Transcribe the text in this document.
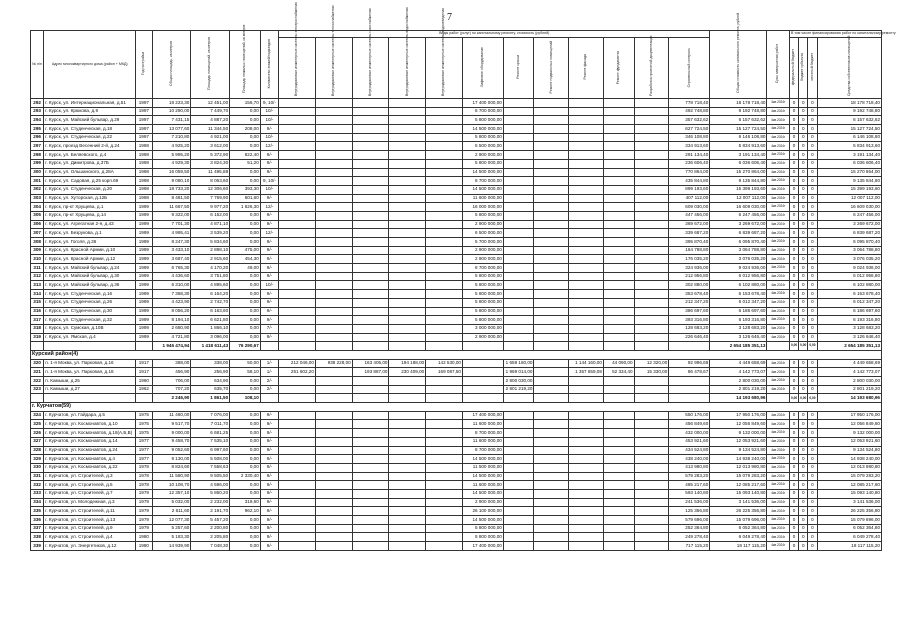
7
№ п/п	Адрес многоквартирного дома (район + МКД)	Год постройки	Общая площадь, кв.метров	Площадь помещений, кв.метров	Площадь нежилых помещений, кв.метров	Количество этажей/подъездов	Виды работ (услуг) по капитальному ремонту, стоимость (рублей)												Общая стоимость капитального ремонта, рублей	Срок завершения работ	В том числе финансирования работ по капитальному ремонту			
							Внутридомовые инженерные системы электроснабжения	Внутридомовые инженерные системы теплоснабжения	Внутридомовые инженерные системы газоснабжения	Внутридомовые инженерные системы водоснабжения	Внутридомовые инженерные системы водоотведения	Лифтовое оборудование	Ремонт крыши	Ремонт подвальных помещений	Ремонт фасада	Ремонт фундамента	Разработка проектной документации	Строительный контроль			федеральный бюджет	бюджет субъекта	местный бюджет	Средства собственников помещений
292	г. Курск, ул. Интернациональная, д.51	1997	18 223,30	12 451,00	156,70	9, 10/-						17 400 000,00						778 718,40	18 178 718,40	4кв.2024г	0	0	0	18 178 718,40
293	г. Курск, ул. Крюкова, д.9	1997	10 290,00	7 449,70	0,00	10/-						8 700 000,00						492 748,80	9 192 748,80	4кв.2024г	0	0	0	9 192 748,80
294	г. Курск, ул. Майский бульвар, д.29	1997	7 431,15	4 887,20	0,00	10/-						5 800 000,00						357 632,62	6 157 632,62	4кв.2024г	0	0	0	6 157 632,62
295	г. Курск, ул. Студенческая, д.18	1997	13 077,60	11 344,50	208,00	9/-						14 500 000,00						627 724,50	15 127 724,50	4кв.2024г	0	0	0	15 127 724,50
296	г. Курск, ул. Студенческая, д.22	1997	7 210,80	4 921,00	0,00	10/-						5 800 000,00						346 108,80	6 146 108,80	4кв.2024г	0	0	0	6 146 108,80
297	г. Курск, проезд Весенний 2-й, д.24	1998	4 925,20	3 612,00	0,00	12/-						5 500 000,00						334 913,60	5 834 913,60	4кв.2024г	0	0	0	5 834 913,60
298	г. Курск, ул. Беляевского, д.4	1998	5 995,20	5 372,90	822,40	9/-						2 900 000,00						291 134,40	3 191 134,40	4кв.2024г	0	0	0	3 191 134,40
299	г. Курск, ул. Димитрова, д.37Б	1998	4 929,30	3 824,30	51,20	9/-						5 800 000,00						236 606,40	6 036 606,40	4кв.2024г	0	0	0	6 036 606,40
300	г. Курск, ул. Ольшанского, д.28А	1998	16 059,50	11 495,88	0,00	9/-						14 500 000,00						770 864,00	15 270 864,00	4кв.2024г	0	0	0	15 270 864,00
301	г. Курск, ул. Садовая, д.25 корп.69	1998	9 080,10	8 063,60	0,00	9, 10/-						8 700 000,00						435 844,80	9 135 844,80	4кв.2024г	0	0	0	9 135 844,80
302	г. Курск, ул. Студенческая, д.20	1998	18 733,20	12 306,60	393,30	10/-						14 500 000,00						899 193,60	15 399 193,60	4кв.2024г	0	0	0	15 399 193,60
303	г. Курск, ул. Хуторская, д.12Б	1998	8 481,50	7 769,90	601,60	9/-						11 600 000,00						407 112,00	12 007 112,00	4кв.2024г	0	0	0	12 007 112,00
304	г. Курск, пр-кт Хрущева, д.1	1999	11 667,50	9 977,20	1 626,30	12/-						16 000 000,00						609 030,00	16 609 030,00	4кв.2024г	0	0	0	16 609 030,00
305	г. Курск, пр-кт Хрущева, д.14	1999	9 322,00	6 152,00	0,00	9/-						5 800 000,00						447 456,00	6 247 456,00	4кв.2024г	0	0	0	6 247 456,00
306	г. Курск, ул. Агрегатная 2-я, д.43	1999	7 701,30	4 871,10	0,00	9/-						2 900 000,00						369 672,00	3 269 672,00	4кв.2024г	0	0	0	3 269 672,00
307	г. Курск, ул. Безрукова, д.1	1999	4 995,41	3 539,20	0,00	12/-						6 500 000,00						339 687,20	6 839 687,20	4кв.2024г	0	0	0	6 839 687,20
308	г. Курск, ул. Гоголя, д.36	1999	8 247,30	5 834,60	0,00	9/-						5 700 000,00						395 870,40	6 095 870,40	4кв.2024г	0	0	0	6 095 870,40
309	г. Курск, ул. Красной Армии, д.10	1999	3 433,10	2 898,10	475,00	9/-						2 900 000,00						164 788,80	3 064 788,80	4кв.2024г	0	0	0	3 064 788,80
310	г. Курск, ул. Красной Армии, д.12	1999	3 687,40	2 915,60	454,30	9/-						2 900 000,00						176 035,20	3 076 035,20	4кв.2024г	0	0	0	3 076 035,20
311	г. Курск, ул. Майский бульвар, д.24	1999	6 765,30	4 170,20	49,00	9/-						8 700 000,00						324 936,00	9 024 936,00	4кв.2024г	0	0	0	9 024 936,00
312	г. Курск, ул. Майский бульвар, д.30	1999	4 436,60	3 751,80	0,00	9/-						5 800 000,00						212 956,80	6 012 956,80	4кв.2024г	0	0	0	6 012 956,80
313	г. Курск, ул. Майский бульвар, д.36	1999	6 310,00	4 895,60	0,00	10/-						5 800 000,00						302 880,00	6 102 880,00	4кв.2024г	0	0	0	6 102 880,00
314	г. Курск, ул. Студенческая, д.16	1999	7 368,30	6 164,20	0,00	9/-						5 800 000,00						353 678,40	6 153 678,40	4кв.2024г	0	0	0	6 153 678,40
315	г. Курск, ул. Студенческая, д.26	1999	4 423,90	2 742,70	0,00	9/-						5 800 000,00						212 347,20	6 012 347,20	4кв.2024г	0	0	0	6 012 347,20
316	г. Курск, ул. Студенческая, д.30	1999	8 056,20	6 163,60	0,00	9/-						5 800 000,00						386 697,60	6 186 697,60	4кв.2024г	0	0	0	6 186 697,60
317	г. Курск, ул. Студенческая, д.32	1999	8 194,10	6 621,80	0,00	9/-						5 800 000,00						393 316,80	6 193 316,80	4кв.2024г	0	0	0	6 193 316,80
318	г. Курск, ул. Сумская, д.10В	1999	2 680,90	1 866,10	0,00	7/-						3 000 000,00						128 683,20	3 128 683,20	4кв.2024г	0	0	0	3 128 683,20
319	г. Курск, ул. Ямская, д.4	1999	4 721,80	3 096,00	0,00	9/-						2 900 000,00						226 646,40	3 126 646,40	4кв.2024г	0	0	0	3 126 646,40
			1 946 474,94	1 418 611,43	76 290,67														2 654 185 351,13		0,00	0,00	0,00	2 654 185 351,13
Курский район(4)																								
320	п. 1-я Моква, ул. Парковая, д.16	1917	388,00	338,00	50,00	1/-	212 046,00	938 228,00	163 405,00	194 188,00	142 530,00		1 659 160,00		1 144 160,00	44 090,00	12 320,00	92 996,69	4 449 658,69	4кв.2024г	0	0	0	4 449 658,69
321	п. 1-я Моква, ул. Парковая, д.18	1917	456,90	256,90	58,10	1/-	251 602,20		193 887,00	230 409,00	169 087,50		1 969 014,00		1 357 659,08	52 334,40	15 330,00	86 478,67	4 142 773,07	4кв.2024г	0	0	0	4 142 773,07
322	п. Камыши, д.25	1960	706,00	634,90	0,00	2/-							2 800 030,00						2 800 030,00	4кв.2024г	0	0	0	2 800 030,00
323	п. Камыши, д.27	1962	707,20	635,70	0,00	2/-							2 801 219,20						2 801 219,20	4кв.2024г	0	0	0	2 801 219,20
			2 246,90	1 861,50	108,10														14 193 680,96		0,00	0,00	0,00	14 193 680,96
г. Курчатов(59)																								
324	г. Курчатов, ул. Гайдара, д.5	1975	11 460,00	7 076,00	0,00	9/-						17 400 000,00						550 176,00	17 950 176,00	4кв.2024г	0	0	0	17 950 176,00
325	г. Курчатов, ул. Космонавтов, д.10	1975	9 517,70	7 011,70	0,00	9/-						11 600 000,00						456 849,60	12 056 849,60	4кв.2024г	0	0	0	12 056 849,60
326	г. Курчатов, ул. Космонавтов, д.18(А,Б,В)	1975	9 000,00	6 681,25	0,00	9/-						8 700 000,00						432 000,00	9 132 000,00	4кв.2024г	0	0	0	9 132 000,00
327	г. Курчатов, ул. Космонавтов, д.14	1977	9 458,70	7 535,10	0,00	9/-						11 600 000,00						453 921,60	12 053 921,60	4кв.2024г	0	0	0	12 053 921,60
328	г. Курчатов, ул. Космонавтов, д.24	1977	9 052,60	6 997,60	0,00	9/-						8 700 000,00						434 524,80	9 134 524,80	4кв.2024г	0	0	0	9 134 524,80
329	г. Курчатов, ул. Космонавтов, д.4	1977	9 130,00	5 508,00	0,00	9/-						14 500 000,00						438 240,00	14 938 240,00	4кв.2024г	0	0	0	14 938 240,00
330	г. Курчатов, ул. Космонавтов, д.22	1978	8 824,60	7 558,63	0,00	9/-						11 500 000,00						413 980,80	12 013 980,80	4кв.2024г	0	0	0	12 013 980,80
331	г. Курчатов, ул. Строителей, д.3	1978	11 580,90	9 505,50	2 330,40	9/-						14 500 000,00						579 283,20	15 079 283,20	4кв.2024г	0	0	0	15 079 283,20
332	г. Курчатов, ул. Строителей, д.5	1978	10 108,70	4 596,00	0,00	9/-						11 600 000,00						485 217,60	12 085 217,60	4кв.2024г	0	0	0	12 085 217,60
333	г. Курчатов, ул. Строителей, д.7	1979	12 357,10	5 860,20	0,00	9/-						14 500 000,00						593 140,80	15 093 140,80	4кв.2024г	0	0	0	15 093 140,80
334	г. Курчатов, ул. Молодежная, д.3	1979	5 032,00	2 232,00	319,60	9/-						2 900 000,00						241 536,00	3 141 536,00	4кв.2024г	0	0	0	3 141 536,00
335	г. Курчатов, ул. Строителей, д.11	1979	2 611,60	2 191,70	962,10	9/-						26 100 000,00						125 356,80	26 225 356,80	4кв.2024г	0	0	0	26 225 356,80
336	г. Курчатов, ул. Строителей, д.13	1979	12 077,30	5 457,20	0,00	9/-						14 500 000,00						579 696,00	15 079 696,00	4кв.2024г	0	0	0	15 079 696,00
337	г. Курчатов, ул. Строителей, д.9	1979	5 257,60	2 200,80	0,00	9/-						5 800 000,00						252 364,80	6 052 364,80	4кв.2024г	0	0	0	6 052 364,80
338	г. Курчатов, ул. Строителей, д.4	1980	5 183,30	2 205,80	0,00	9/-						5 800 000,00						249 278,40	6 049 278,40	4кв.2024г	0	0	0	6 049 278,40
339	г. Курчатов, ул. Энергетиков, д.12	1980	14 939,90	7 048,30	0,00	9/-						17 400 000,00						717 115,20	18 117 115,20	4кв.2024г	0	0	0	18 117 115,20
